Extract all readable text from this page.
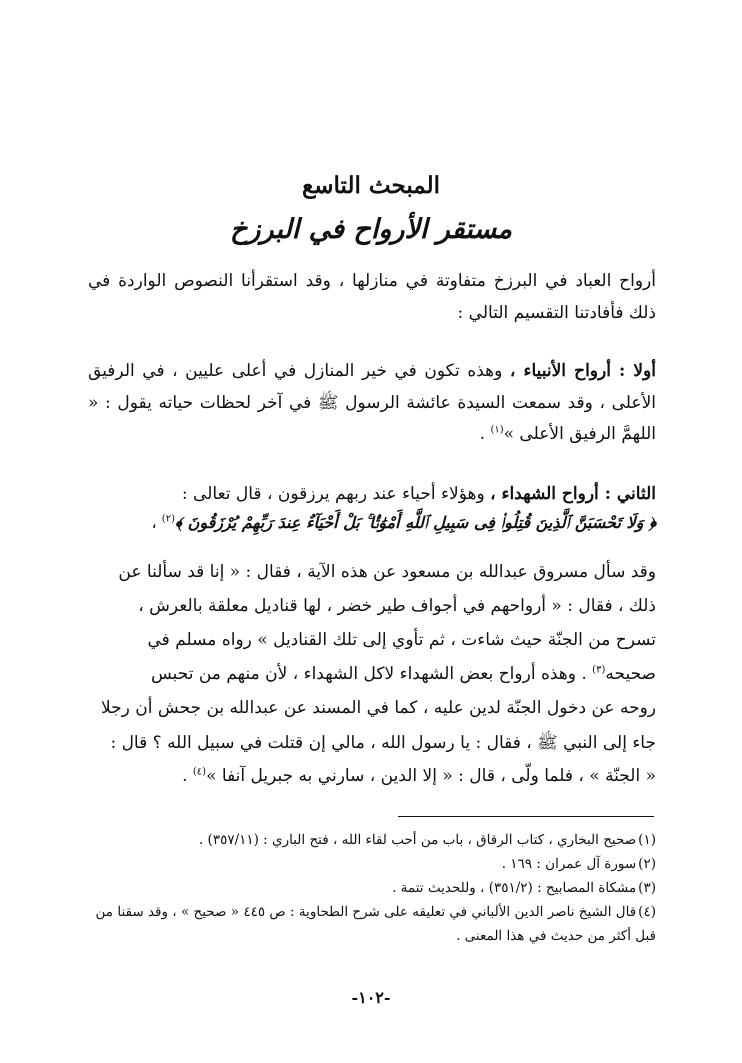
المبحث التاسع
مستقر الأرواح في البرزخ

أرواح العباد في البرزخ متفاوتة في منازلها ، وقد استقرأنا النصوص الواردة في ذلك فأفادتنا التقسيم التالي :

أولا : أرواح الأنبياء ، وهذه تكون في خير المنازل في أعلى عليين ، في الرفيق الأعلى ، وقد سمعت السيدة عائشة الرسول ﷺ في آخر لحظات حياته يقول : « اللهمَّ الرفيق الأعلى »$^{(١)}$ .

الثاني : أرواح الشهداء ، وهؤلاء أحياء عند ربهم يرزقون ، قال تعالى :

﴿ وَلَا تَحْسَبَنَّ ٱلَّذِينَ قُتِلُوا۟ فِى سَبِيلِ ٱللَّهِ أَمْوَٰتًۢا ۚ بَلْ أَحْيَآءٌ عِندَ رَبِّهِمْ يُرْزَقُونَ ﴾$^{(٢)}$ ،
وقد سأل مسروق عبدالله بن مسعود عن هذه الآية ، فقال : « إنا قد سألنا عن
ذلك ، فقال : « أرواحهم في أجواف طير خضر ، لها قناديل معلقة بالعرش ،
تسرح من الجنّة حيث شاءت ، ثم تأوي إلى تلك القناديل » رواه مسلم في
صحيحه$^{(٣)}$ . وهذه أرواح بعض الشهداء لاكل الشهداء ، لأن منهم من تحبس
روحه عن دخول الجنّة لدين عليه ، كما في المسند عن عبدالله بن جحش أن رجلا
جاء إلى النبي ﷺ ، فقال : يا رسول الله ، مالي إن قتلت في سبيل الله ؟ قال :
« الجنّة » ، فلما ولّى ، قال : « إلا الدين ، سارني به جبريل آنفا »$^{(٤)}$ .

(١)صحيح البخاري ، كتاب الرقاق ، باب من أحب لقاء الله ، فتح الباري : (٣٥٧/١١) .

(٢)سورة آل عمران : ١٦٩ .

(٣)مشكاة المصابيح : (٣٥١/٢) ، وللحديث تتمة .

(٤)قال الشيخ ناصر الدين الألباني في تعليقه على شرح الطحاوية : ص ٤٤٥ « صحيح » ، وقد سقنا من قبل أكثر من حديث في هذا المعنى .

-١٠٢-
